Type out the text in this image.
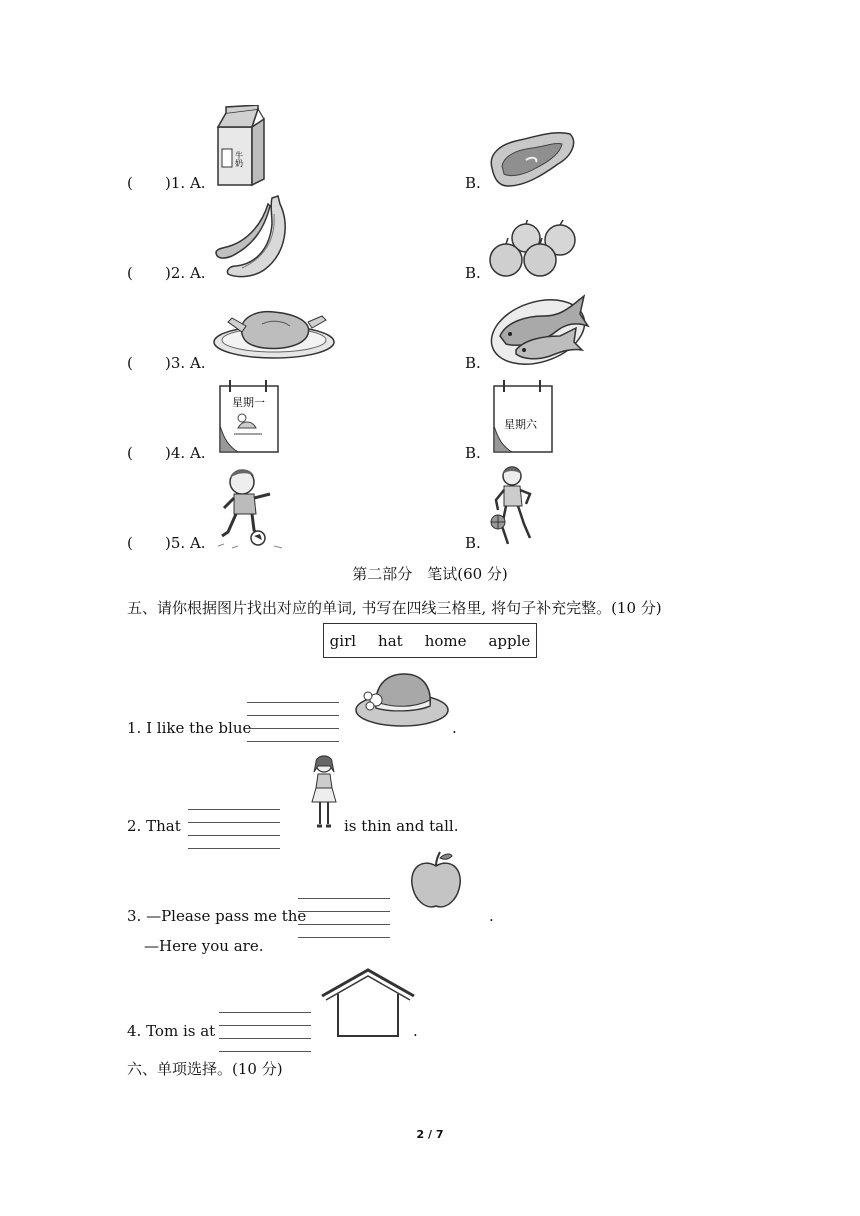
( )1. A.
牛奶
B.
( )2. A.	B.
( )3. A.	B.
( )4. A.
星期一
B.
星期六
( )5. A.	B.
第二部分　笔试(60 分)
五、请你根据图片找出对应的单词, 书写在四线三格里, 将句子补充完整。(10 分)
girl hat home apple
1. I like the blue	.
2. That	is thin and tall.
3. —Please pass me the	.
—Here you are.
4. Tom is at	.
六、单项选择。(10 分)
2 / 7
